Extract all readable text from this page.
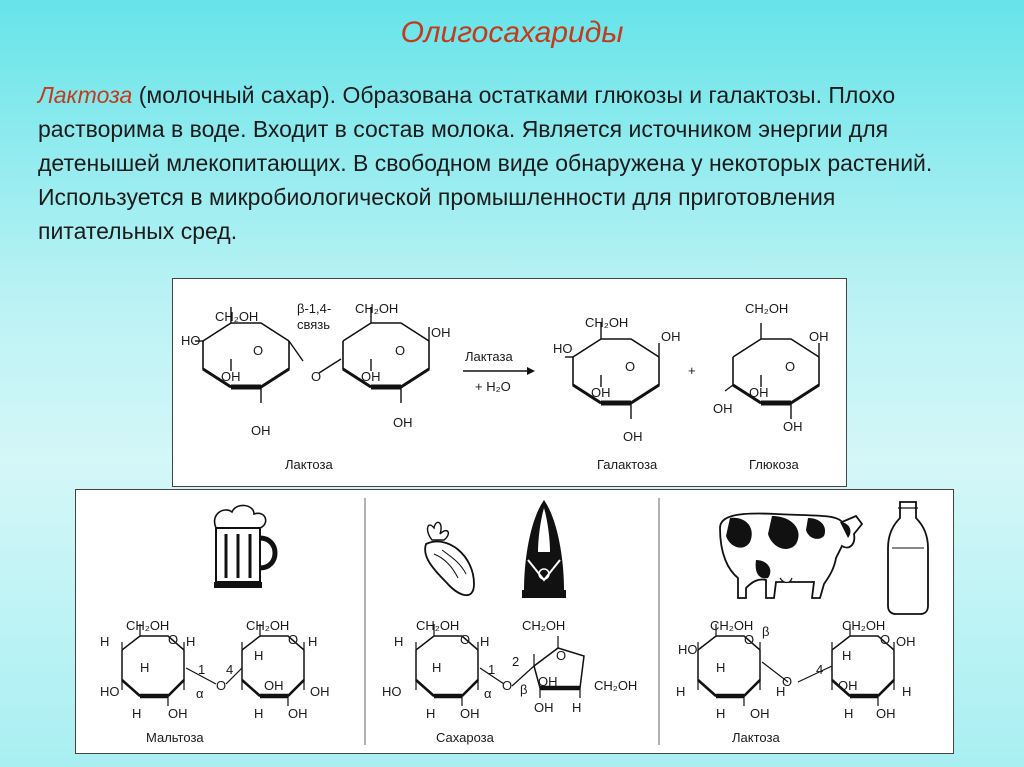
Олигосахариды
Лактоза (молочный сахар). Образована остатками глюкозы и галактозы. Плохо растворима в воде. Входит в состав молока. Является источником энергии для детенышей млекопитающих. В свободном виде обнаружена у некоторых растений. Используется в микробиологической промышленности для приготовления питательных сред.
CH₂OH
HO
O
OH
OH
O
β-1,4-
связь
CH₂OH
O
OH
OH
OH
Лактоза
Лактаза
+ H₂O
CH₂OH
HO
O
OH
OH
OH
Галактоза
+
CH₂OH
O
OH
OH
OH
OH
Глюкоза
CH₂OH	CH₂OH
O	O
H
HO
H
H OH
H
1
α
O
4
H
H
OH
OH
H
OH
Мальтоза
CH₂OH
O
H
HO
H
H OH
H
1
α
O
2
β
CH₂OH
O
OH
OH H
CH₂OH
Сахароза
CH₂OH	CH₂OH
O	O
HO
H
H
H OH
β
H
O
4
H
OH
H OH
OH
H
Лактоза
